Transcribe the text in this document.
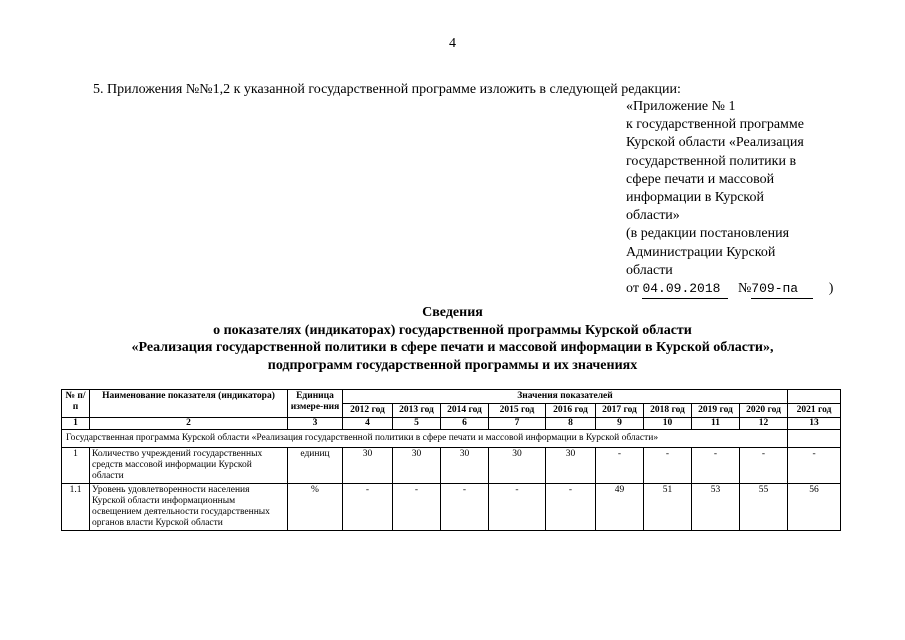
4
5. Приложения №№1,2 к указанной государственной программе изложить в следующей редакции:
«Приложение № 1
к государственной программе
Курской области «Реализация
государственной политики в
сфере печати и массовой
информации в Курской
области»
(в редакции постановления
Администрации Курской
области
от 04.09.2018 №709-па )
Сведения
о показателях (индикаторах) государственной программы Курской области
«Реализация государственной политики в сфере печати и массовой информации в Курской области»,
подпрограмм государственной программы и их значениях
№ п/п	Наименование показателя (индикатора)	Единица измере-ния	Значения показателей									
			2012 год	2013 год	2014 год	2015 год	2016 год	2017 год	2018 год	2019 год	2020 год	2021 год
1	2	3	4	5	6	7	8	9	10	11	12	13
Государственная программа Курской области «Реализация государственной политики в сфере печати и массовой информации в Курской области»												
1	Количество учреждений государственных средств массовой информации Курской области	единиц	30	30	30	30	30	-	-	-	-	-
1.1	Уровень удовлетворенности населения Курской области информационным освещением деятельности государственных органов власти Курской области	%	-	-	-	-	-	49	51	53	55	56
